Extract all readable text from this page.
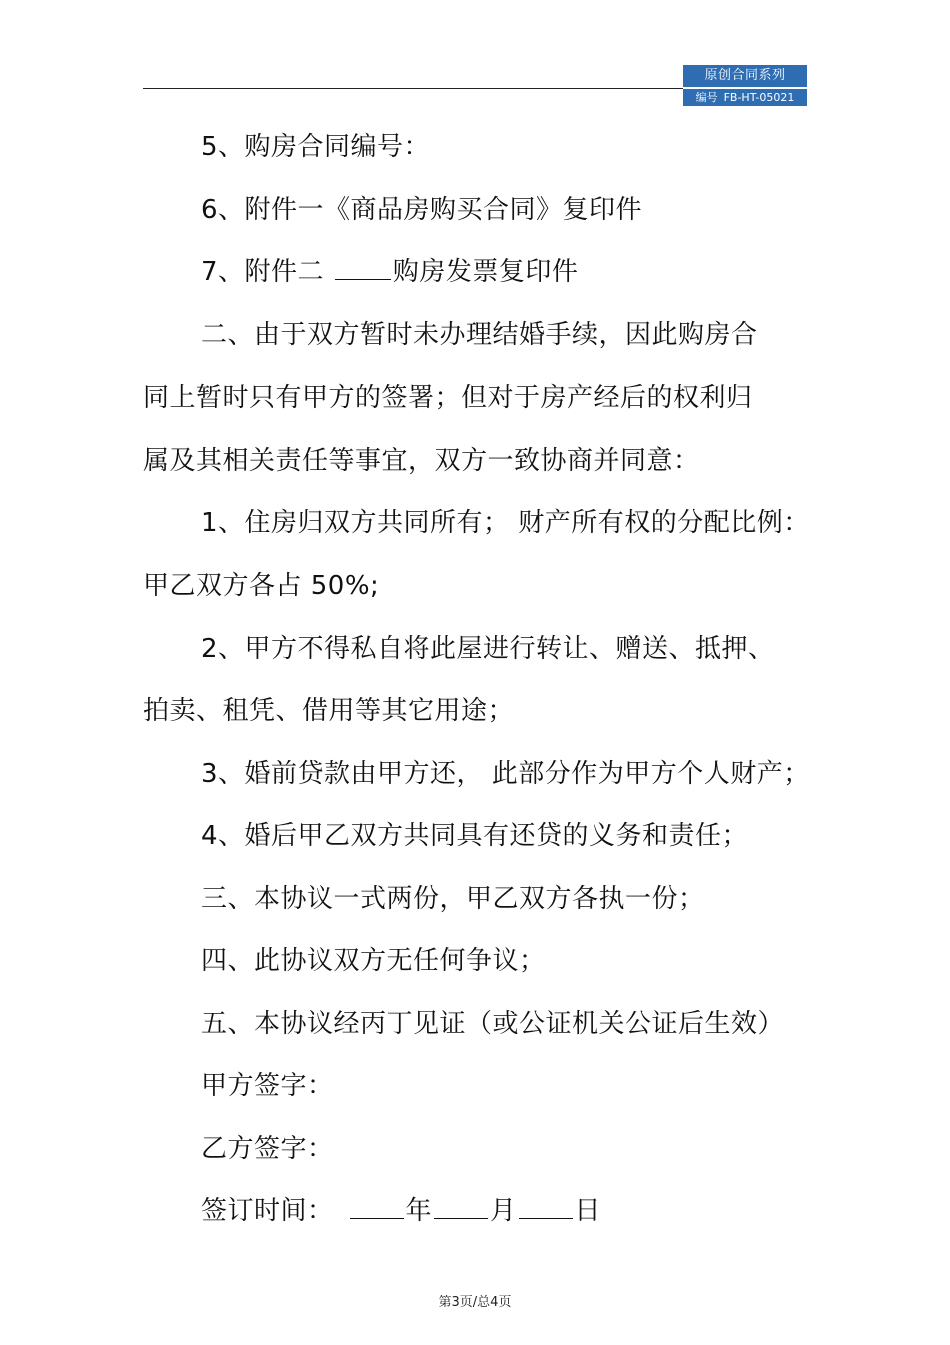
原创合同系列
编号 FB-HT-05021
5、购房合同编号：
6、附件一《商品房购买合同》复印件
7、附件二 购房发票复印件
二、由于双方暂时未办理结婚手续，因此购房合
同上暂时只有甲方的签署；但对于房产经后的权利归
属及其相关责任等事宜，双方一致协商并同意：
1、住房归双方共同所有； 财产所有权的分配比例：
甲乙双方各占 50%;
2、甲方不得私自将此屋进行转让、赠送、抵押、
拍卖、租凭、借用等其它用途；
3、婚前贷款由甲方还， 此部分作为甲方个人财产；
4、婚后甲乙双方共同具有还贷的义务和责任；
三、本协议一式两份，甲乙双方各执一份；
四、此协议双方无任何争议；
五、本协议经丙丁见证（或公证机关公证后生效）
甲方签字：
乙方签字：
签订时间：	年 月 日
第3页/总4页
